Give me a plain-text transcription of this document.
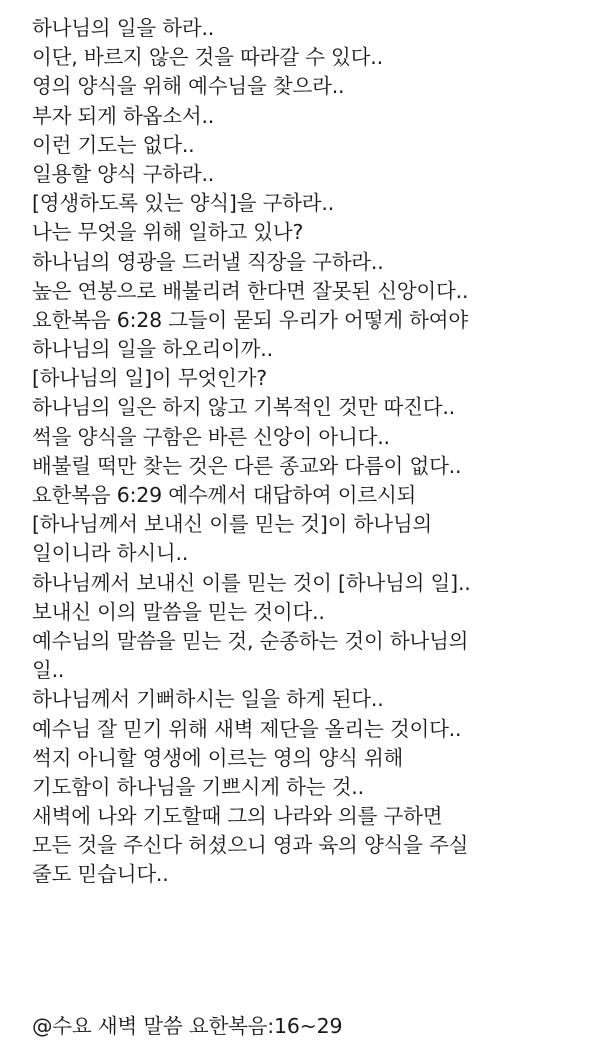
하나님의 일을 하라..
이단, 바르지 않은 것을 따라갈 수 있다..
영의 양식을 위해 예수님을 찾으라..
부자 되게 하옵소서..
이런 기도는 없다..
일용할 양식 구하라..
[영생하도록 있는 양식]을 구하라..
나는 무엇을 위해 일하고 있나?
하나님의 영광을 드러낼 직장을 구하라..
높은 연봉으로 배불리려 한다면 잘못된 신앙이다..
요한복음 6:28 그들이 묻되 우리가 어떻게 하여야
하나님의 일을 하오리이까..
[하나님의 일]이 무엇인가?
하나님의 일은 하지 않고 기복적인 것만 따진다..
썩을 양식을 구함은 바른 신앙이 아니다..
배불릴 떡만 찾는 것은 다른 종교와 다름이 없다..
요한복음 6:29 예수께서 대답하여 이르시되
[하나님께서 보내신 이를 믿는 것]이 하나님의
일이니라 하시니..
하나님께서 보내신 이를 믿는 것이 [하나님의 일]..
보내신 이의 말씀을 믿는 것이다..
예수님의 말씀을 믿는 것, 순종하는 것이 하나님의
일..
하나님께서 기뻐하시는 일을 하게 된다..
예수님 잘 믿기 위해 새벽 제단을 올리는 것이다..
썩지 아니할 영생에 이르는 영의 양식 위해
기도함이 하나님을 기쁘시게 하는 것..
새벽에 나와 기도할때 그의 나라와 의를 구하면
모든 것을 주신다 허셨으니 영과 육의 양식을 주실
줄도 믿습니다..
@수요 새벽 말씀 요한복음:16~29
